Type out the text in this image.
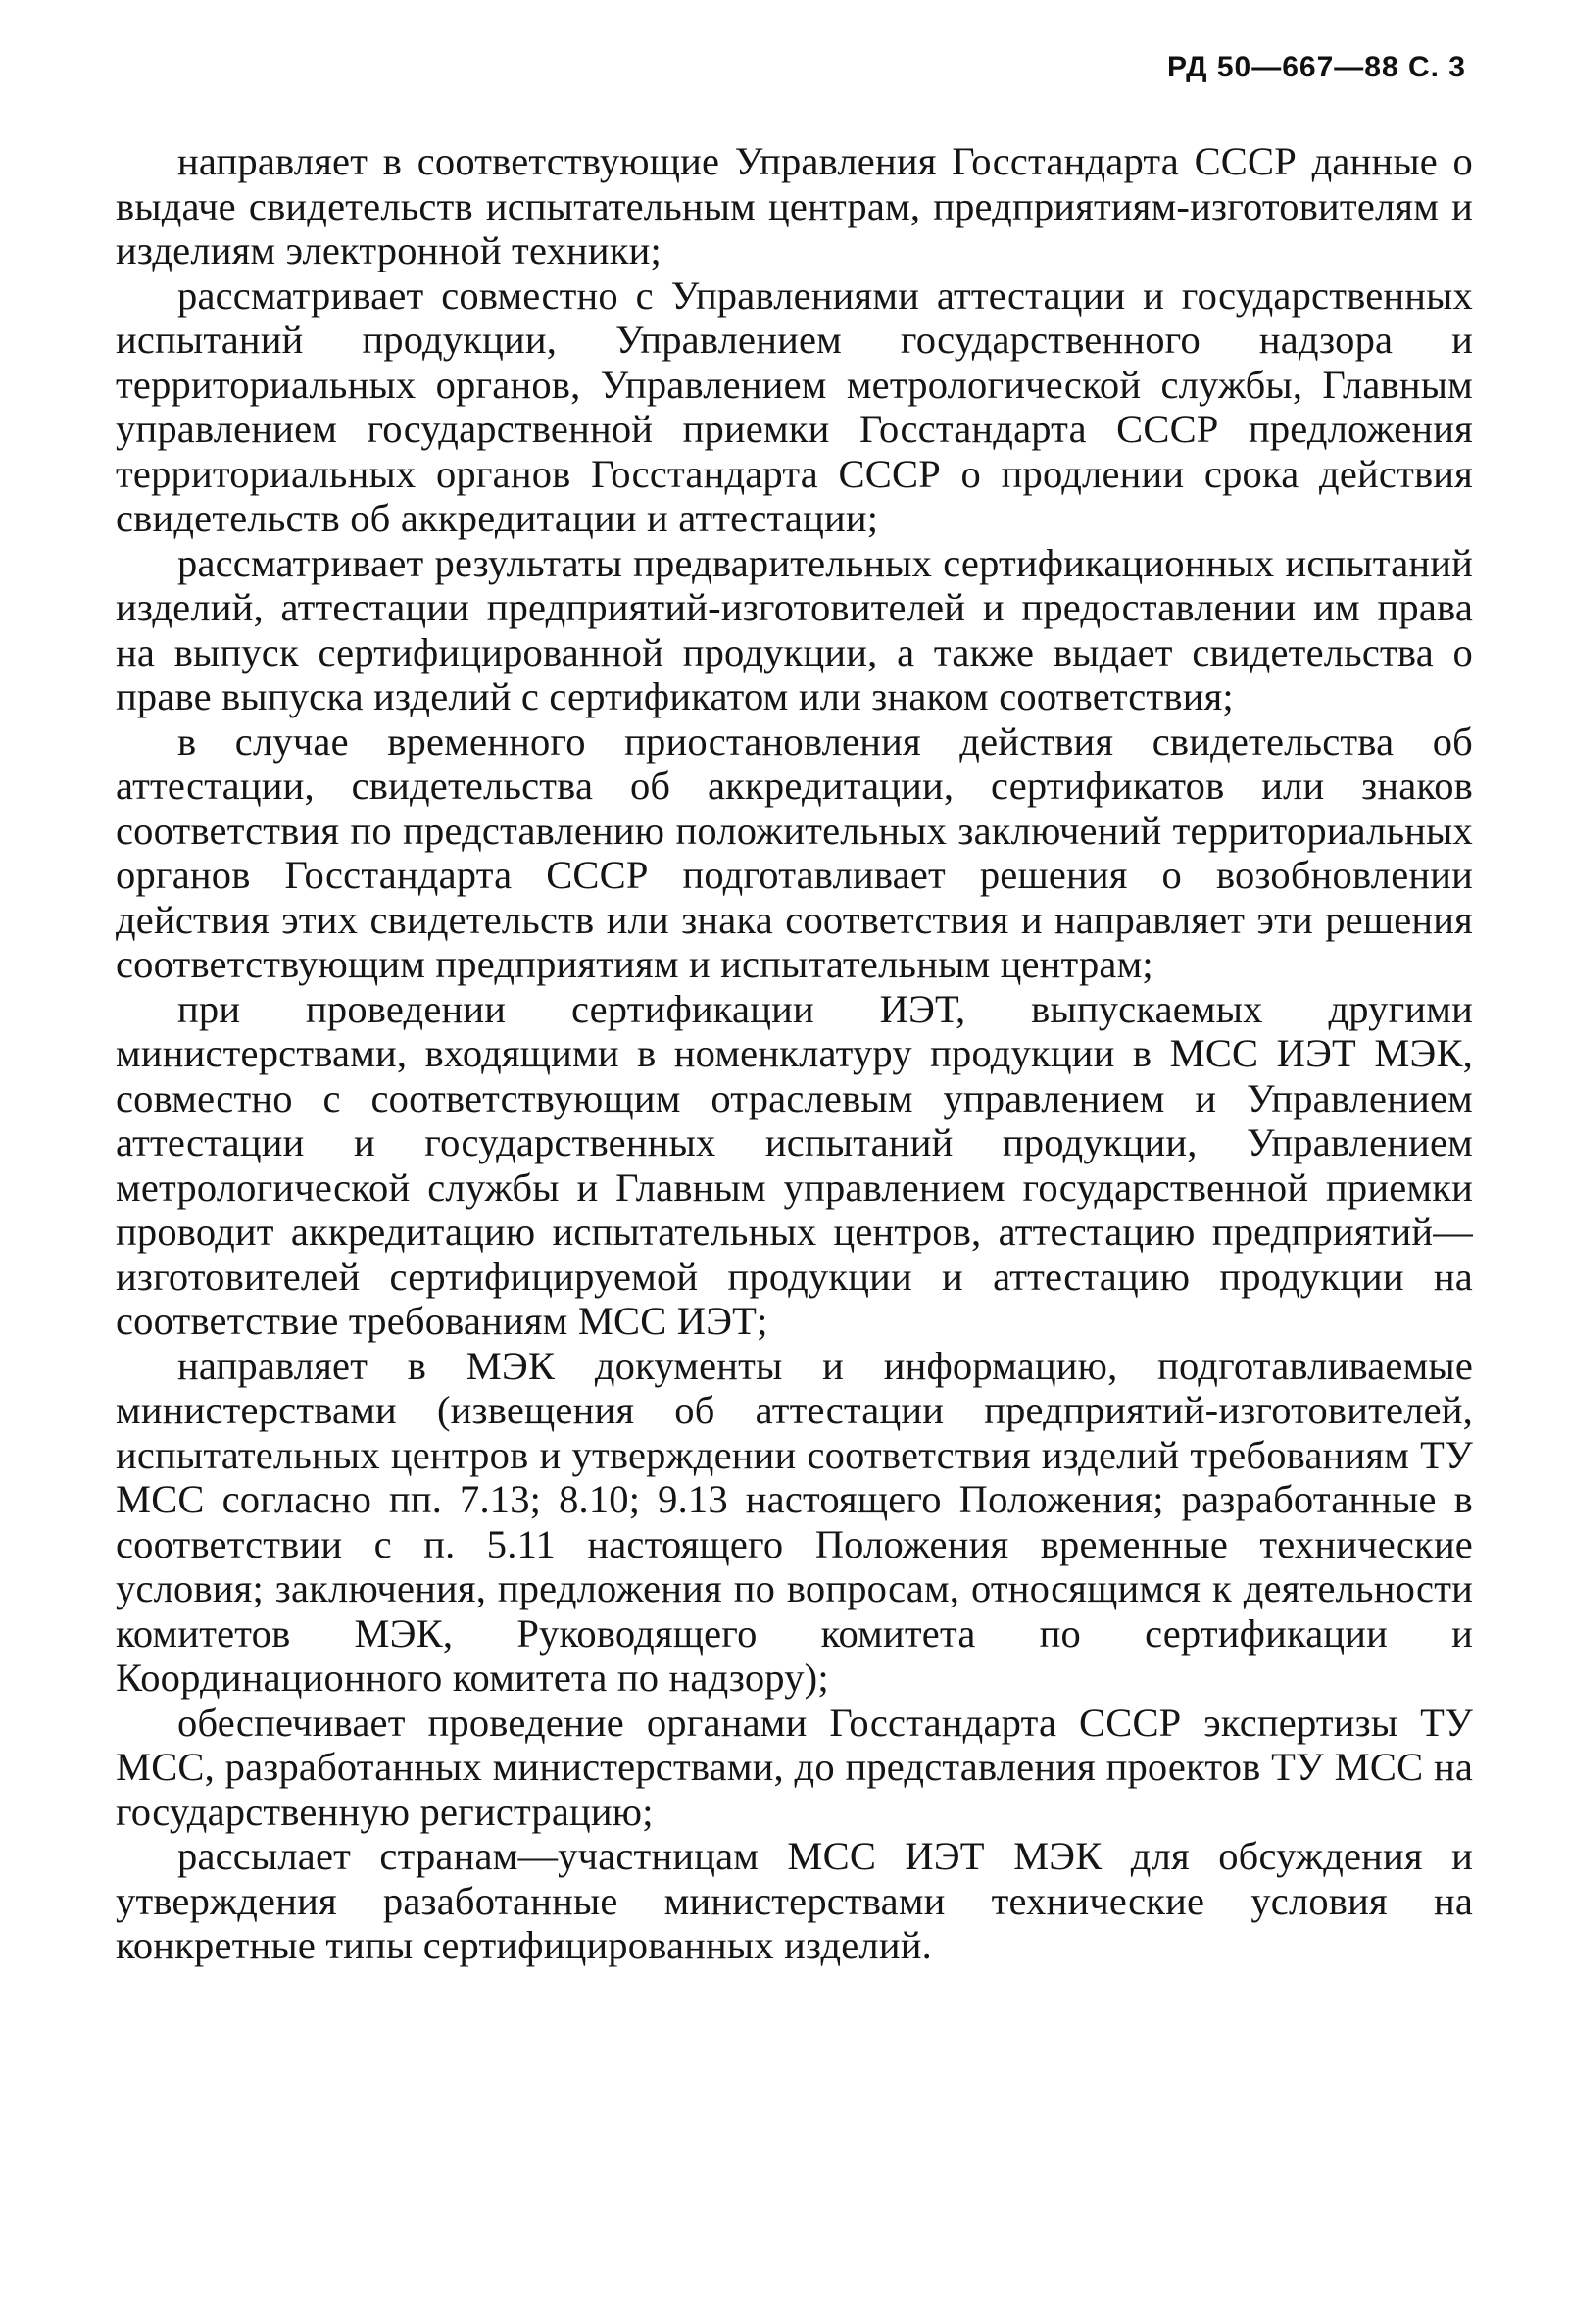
РД 50—667—88 С. 3

направляет в соответствующие Управления Госстандарта СССР данные о выдаче свидетельств испытательным центрам, предприятиям-изготовителям и изделиям электронной техники;

рассматривает совместно с Управлениями аттестации и государственных испытаний продукции, Управлением государственного надзора и территориальных органов, Управлением метрологической службы, Главным управлением государственной приемки Госстандарта СССР предложения территориальных органов Госстандарта СССР о продлении срока действия свидетельств об аккредитации и аттестации;

рассматривает результаты предварительных сертификационных испытаний изделий, аттестации предприятий-изготовителей и предоставлении им права на выпуск сертифицированной продукции, а также выдает свидетельства о праве выпуска изделий с сертификатом или знаком соответствия;

в случае временного приостановления действия свидетельства об аттестации, свидетельства об аккредитации, сертификатов или знаков соответствия по представлению положительных заключений территориальных органов Госстандарта СССР подготавливает решения о возобновлении действия этих свидетельств или знака соответствия и направляет эти решения соответствующим предприятиям и испытательным центрам;

при проведении сертификации ИЭТ, выпускаемых другими министерствами, входящими в номенклатуру продукции в МСС ИЭТ МЭК, совместно с соответствующим отраслевым управлением и Управлением аттестации и государственных испытаний продукции, Управлением метрологической службы и Главным управлением государственной приемки проводит аккредитацию испытательных центров, аттестацию предприятий—изготовителей сертифицируемой продукции и аттестацию продукции на соответствие требованиям МСС ИЭТ;

направляет в МЭК документы и информацию, подготавливаемые министерствами (извещения об аттестации предприятий-изготовителей, испытательных центров и утверждении соответствия изделий требованиям ТУ МСС согласно пп. 7.13; 8.10; 9.13 настоящего Положения; разработанные в соответствии с п. 5.11 настоящего Положения временные технические условия; заключения, предложения по вопросам, относящимся к деятельности комитетов МЭК, Руководящего комитета по сертификации и Координационного комитета по надзору);

обеспечивает проведение органами Госстандарта СССР экспертизы ТУ МСС, разработанных министерствами, до представления проектов ТУ МСС на государственную регистрацию;

рассылает странам—участницам МСС ИЭТ МЭК для обсуждения и утверждения разаботанные министерствами технические условия на конкретные типы сертифицированных изделий.
